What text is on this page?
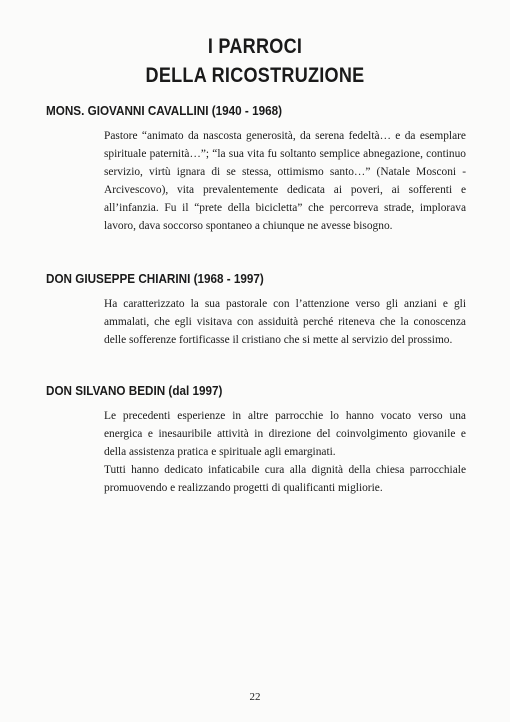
I PARROCI
DELLA RICOSTRUZIONE
MONS. GIOVANNI CAVALLINI (1940 - 1968)

Pastore “animato da nascosta generosità, da serena fedeltà… e da esemplare spirituale paternità…”; “la sua vita fu soltanto semplice abnegazione, continuo servizio, virtù ignara di se stessa, ottimismo santo…” (Natale Mosconi - Arcivescovo), vita prevalentemente dedicata ai poveri, ai sofferenti e all’infanzia. Fu il “prete della bicicletta” che percorreva strade, implorava lavoro, dava soccorso spontaneo a chiunque ne avesse bisogno.

DON GIUSEPPE CHIARINI (1968 - 1997)

Ha caratterizzato la sua pastorale con l’attenzione verso gli anziani e gli ammalati, che egli visitava con assiduità perché riteneva che la conoscenza delle sofferenze fortificasse il cristiano che si mette al servizio del prossimo.

DON SILVANO BEDIN (dal 1997)

Le precedenti esperienze in altre parrocchie lo hanno vocato verso una energica e inesauribile attività in direzione del coinvolgimento giovanile e della assistenza pratica e spirituale agli emarginati.

Tutti hanno dedicato infaticabile cura alla dignità della chiesa parrocchiale promuovendo e realizzando progetti di qualificanti migliorie.

22
